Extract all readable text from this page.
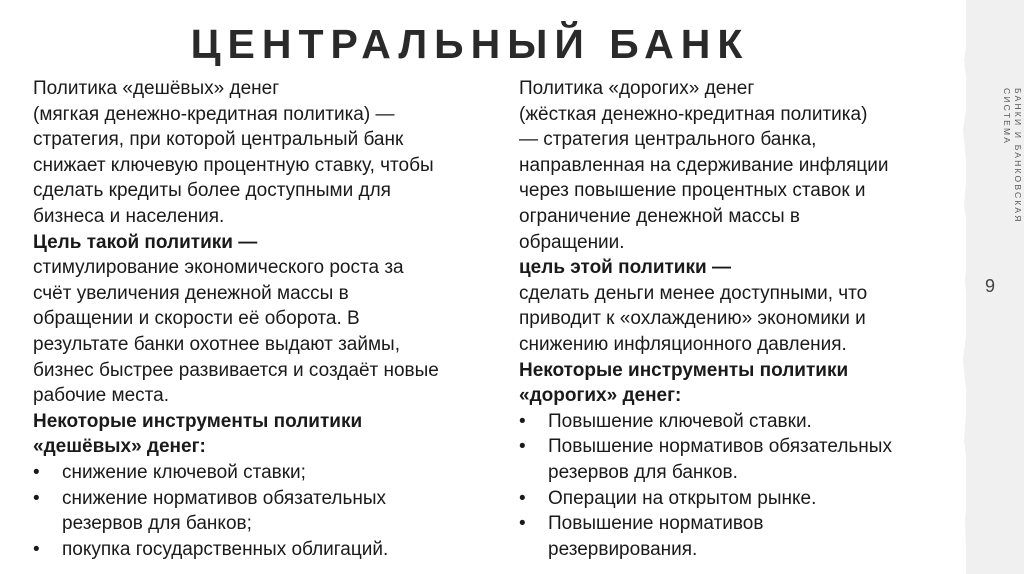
ЦЕНТРАЛЬНЫЙ БАНК
БАНКИ И БАНКОВСКАЯ
СИСТЕМА
9
Политика «дешёвых» денег
(мягкая денежно-кредитная политика) —
стратегия, при которой центральный банк
снижает ключевую процентную ставку, чтобы
сделать кредиты более доступными для
бизнеса и населения.
Цель такой политики —
стимулирование экономического роста за
счёт увеличения денежной массы в
обращении и скорости её оборота. В
результате банки охотнее выдают займы,
бизнес быстрее развивается и создаёт новые
рабочие места.
Некоторые инструменты политики
«дешёвых» денег:
• снижение ключевой ставки;
• снижение нормативов обязательных
резервов для банков;
• покупка государственных облигаций.
Политика «дорогих» денег
(жёсткая денежно-кредитная политика)
— стратегия центрального банка,
направленная на сдерживание инфляции
через повышение процентных ставок и
ограничение денежной массы в
обращении.
цель этой политики —
сделать деньги менее доступными, что
приводит к «охлаждению» экономики и
снижению инфляционного давления.
Некоторые инструменты политики
«дорогих» денег:
• Повышение ключевой ставки.
• Повышение нормативов обязательных
резервов для банков.
• Операции на открытом рынке.
• Повышение нормативов
резервирования.
